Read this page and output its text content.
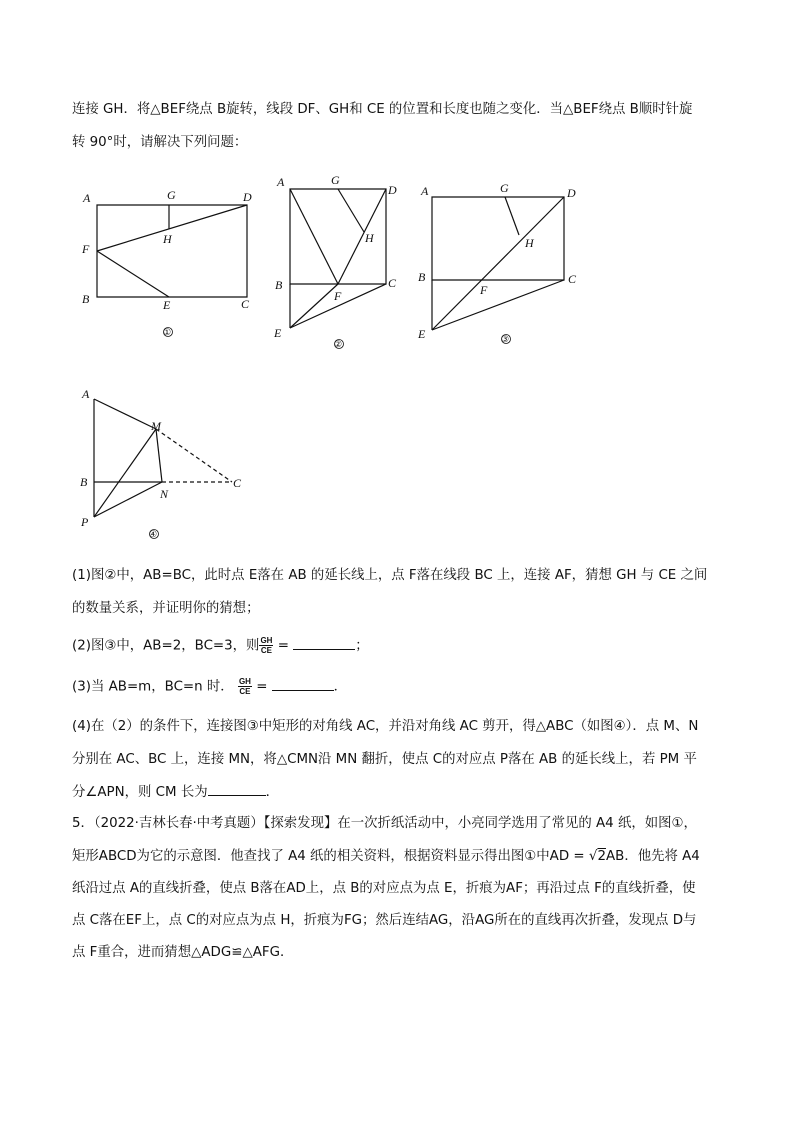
连接 GH．将△BEF绕点 B旋转，线段 DF、GH和 CE 的位置和长度也随之变化．当△BEF绕点 B顺时针旋
转 90°时，请解决下列问题：
A	G	D
H
F
B	E	C
①
A	G
D
H
B
F
C
E
②
A	G	D
H
B
F
C
E	③
A
M
B
N
C
P
④
(1)图②中，AB=BC，此时点 E落在 AB 的延长线上，点 F落在线段 BC 上，连接 AF，猜想 GH 与 CE 之间
的数量关系，并证明你的猜想；
(2)图③中，AB=2，BC=3，则 $\frac{GH}{CE}$ =	；
(3)当 AB=m，BC=n 时． $\frac{GH}{CE}$ =	．
(4)在（2）的条件下，连接图③中矩形的对角线 AC，并沿对角线 AC 剪开，得△ABC（如图④）．点 M、N
分别在 AC、BC 上，连接 MN，将△CMN沿 MN 翻折，使点 C的对应点 P落在 AB 的延长线上，若 PM 平
分∠APN，则 CM 长为	．
5．（2022·吉林长春·中考真题）【探索发现】在一次折纸活动中，小亮同学选用了常见的 A4 纸，如图①，
矩形ABCD为它的示意图．他查找了 A4 纸的相关资料，根据资料显示得出图①中AD = √2AB．他先将 A4
纸沿过点 A的直线折叠，使点 B落在AD上，点 B的对应点为点 E，折痕为AF；再沿过点 F的直线折叠，使
点 C落在EF上，点 C的对应点为点 H，折痕为FG；然后连结AG，沿AG所在的直线再次折叠，发现点 D与
点 F重合，进而猜想△ADG≌△AFG．
